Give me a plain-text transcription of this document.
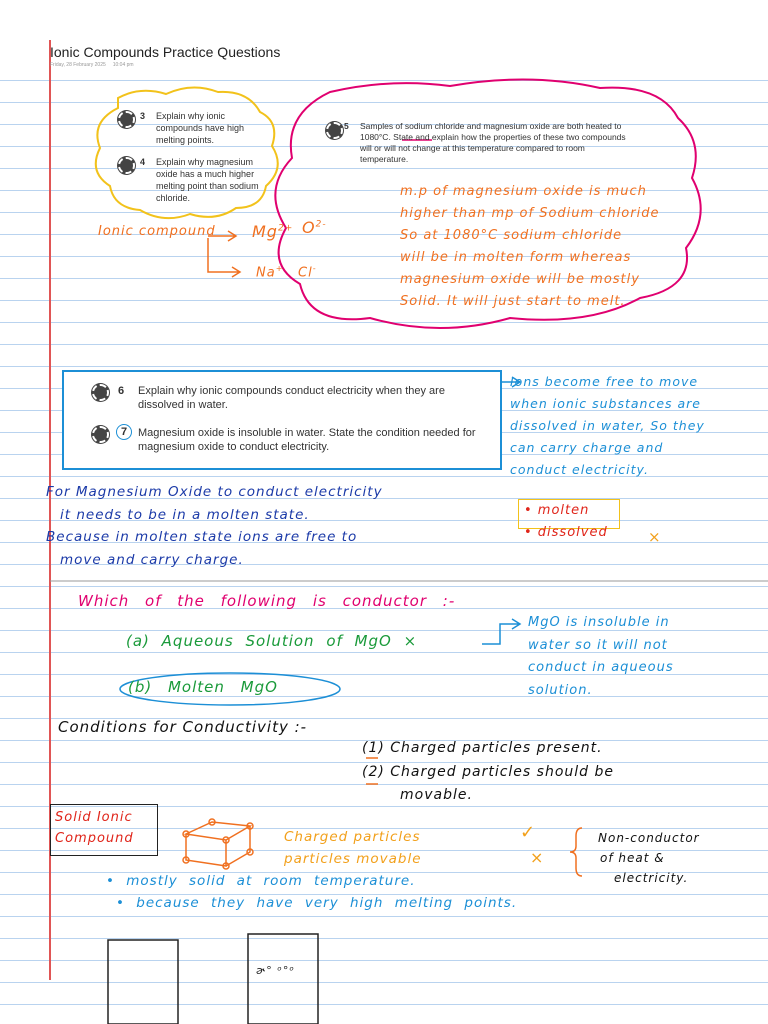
Ionic Compounds Practice Questions
Friday, 28 February 2025 10:04 pm
3	Explain why ionic compounds have high melting points.
4	Explain why magnesium oxide has a much higher melting point than sodium chloride.
5	Samples of sodium chloride and magnesium oxide are both heated to 1080°C. State and explain how the properties of these two compounds will or will not change at this temperature compared to room temperature.
Ionic compound $Mg^{2+}$ $O^{2-}$
Na+ Cl-
m.p of magnesium oxide is much
higher than mp of Sodium chloride
So at 1080°C sodium chloride
will be in molten form whereas
magnesium oxide will be mostly
Solid. It will just start to melt.
6	Explain why ionic compounds conduct electricity when they are dissolved in water.
7 Magnesium oxide is insoluble in water. State the condition needed for magnesium oxide to conduct electricity.
Ions become free to move
when ionic substances are
dissolved in water, So they
can carry charge and
conduct electricity.
For Magnesium Oxide to conduct electricity
it needs to be in a molten state.
Because in molten state ions are free to
move and carry charge.
• molten
• dissolved	×
Which of the following is conductor :-
(a) Aqueous Solution of MgO ×
(b) Molten MgO
MgO is insoluble in
water so it will not
conduct in aqueous
solution.
Conditions for Conductivity :-
(1) Charged particles present.
(2) Charged particles should be
movable.
Solid Ionic
Compound	Charged particles
particles movable
✓
×
Non-conductor
of heat &
electricity.
• mostly solid at room temperature.
• because they have very high melting points.
ɚ° ᵒ°ᵒ
